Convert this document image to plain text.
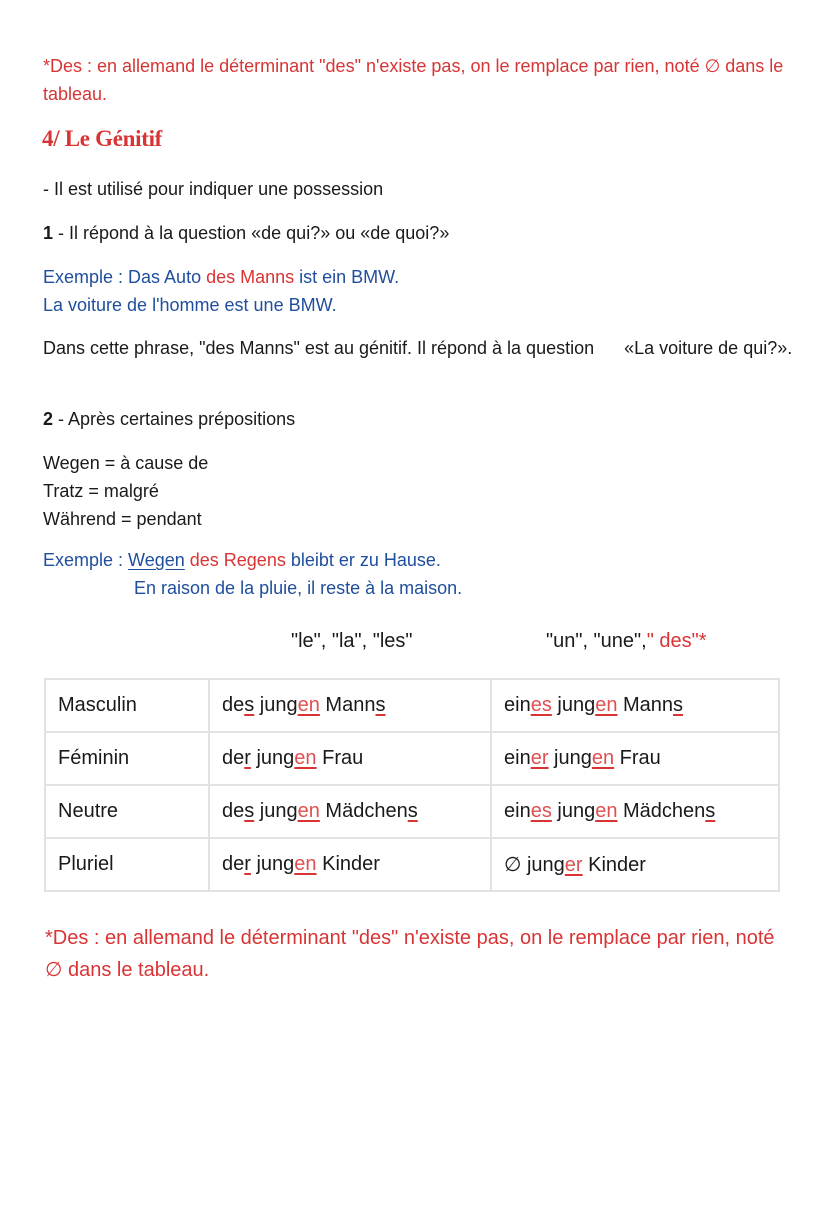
*Des : en allemand le déterminant "des" n'existe pas, on le remplace par rien, noté ∅ dans le tableau.
4/ Le Génitif
- Il est utilisé pour indiquer une possession
1 - Il répond à la question «de qui?» ou «de quoi?»
Exemple : Das Auto des Manns ist ein BMW.
La voiture de l'homme est une BMW.
Dans cette phrase, "des Manns" est au génitif. Il répond à la question      «La voiture de qui?».
2 - Après certaines prépositions
Wegen = à cause de
Tratz = malgré
Während = pendant
Exemple : Wegen des Regens bleibt er zu Hause.
En raison de la pluie, il reste à la maison.
"le", "la", "les"	"un", "une"," des"*
Masculin	des jungen Manns	eines jungen Manns
Féminin	der jungen Frau	einer jungen Frau
Neutre	des jungen Mädchens	eines jungen Mädchens
Pluriel	der jungen Kinder	∅ junger Kinder
*Des : en allemand le déterminant "des" n'existe pas, on le remplace par rien, noté ∅ dans le tableau.
